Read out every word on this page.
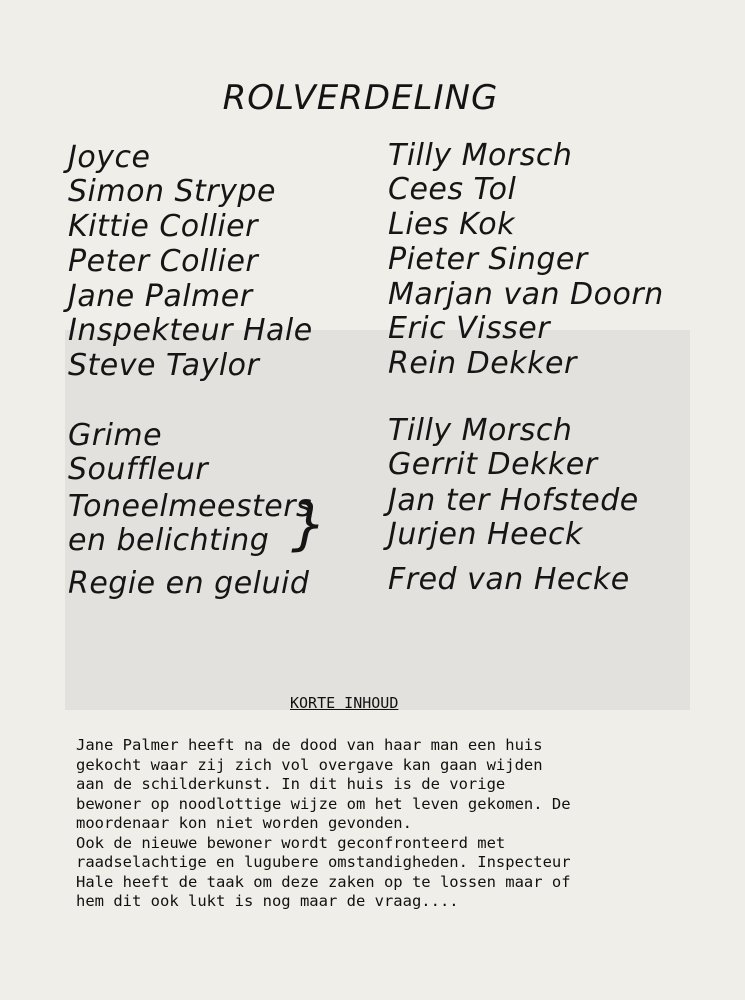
ROLVERDELING
Joyce	Tilly Morsch
Simon Strype	Cees Tol
Kittie Collier	Lies Kok
Peter Collier	Pieter Singer
Jane Palmer	Marjan van Doorn
Inspekteur Hale	Eric Visser
Steve Taylor	Rein Dekker
Grime	Tilly Morsch
Souffleur	Gerrit Dekker
Toneelmeesters	Jan ter Hofstede
en belichting	Jurjen Heeck
}
Regie en geluid	Fred van Hecke
KORTE INHOUD
Jane Palmer heeft na de dood van haar man een huis
gekocht waar zij zich vol overgave kan gaan wijden
aan de schilderkunst. In dit huis is de vorige
bewoner op noodlottige wijze om het leven gekomen. De
moordenaar kon niet worden gevonden.
Ook de nieuwe bewoner wordt geconfronteerd met
raadselachtige en lugubere omstandigheden. Inspecteur
Hale heeft de taak om deze zaken op te lossen maar of
hem dit ook lukt is nog maar de vraag....
